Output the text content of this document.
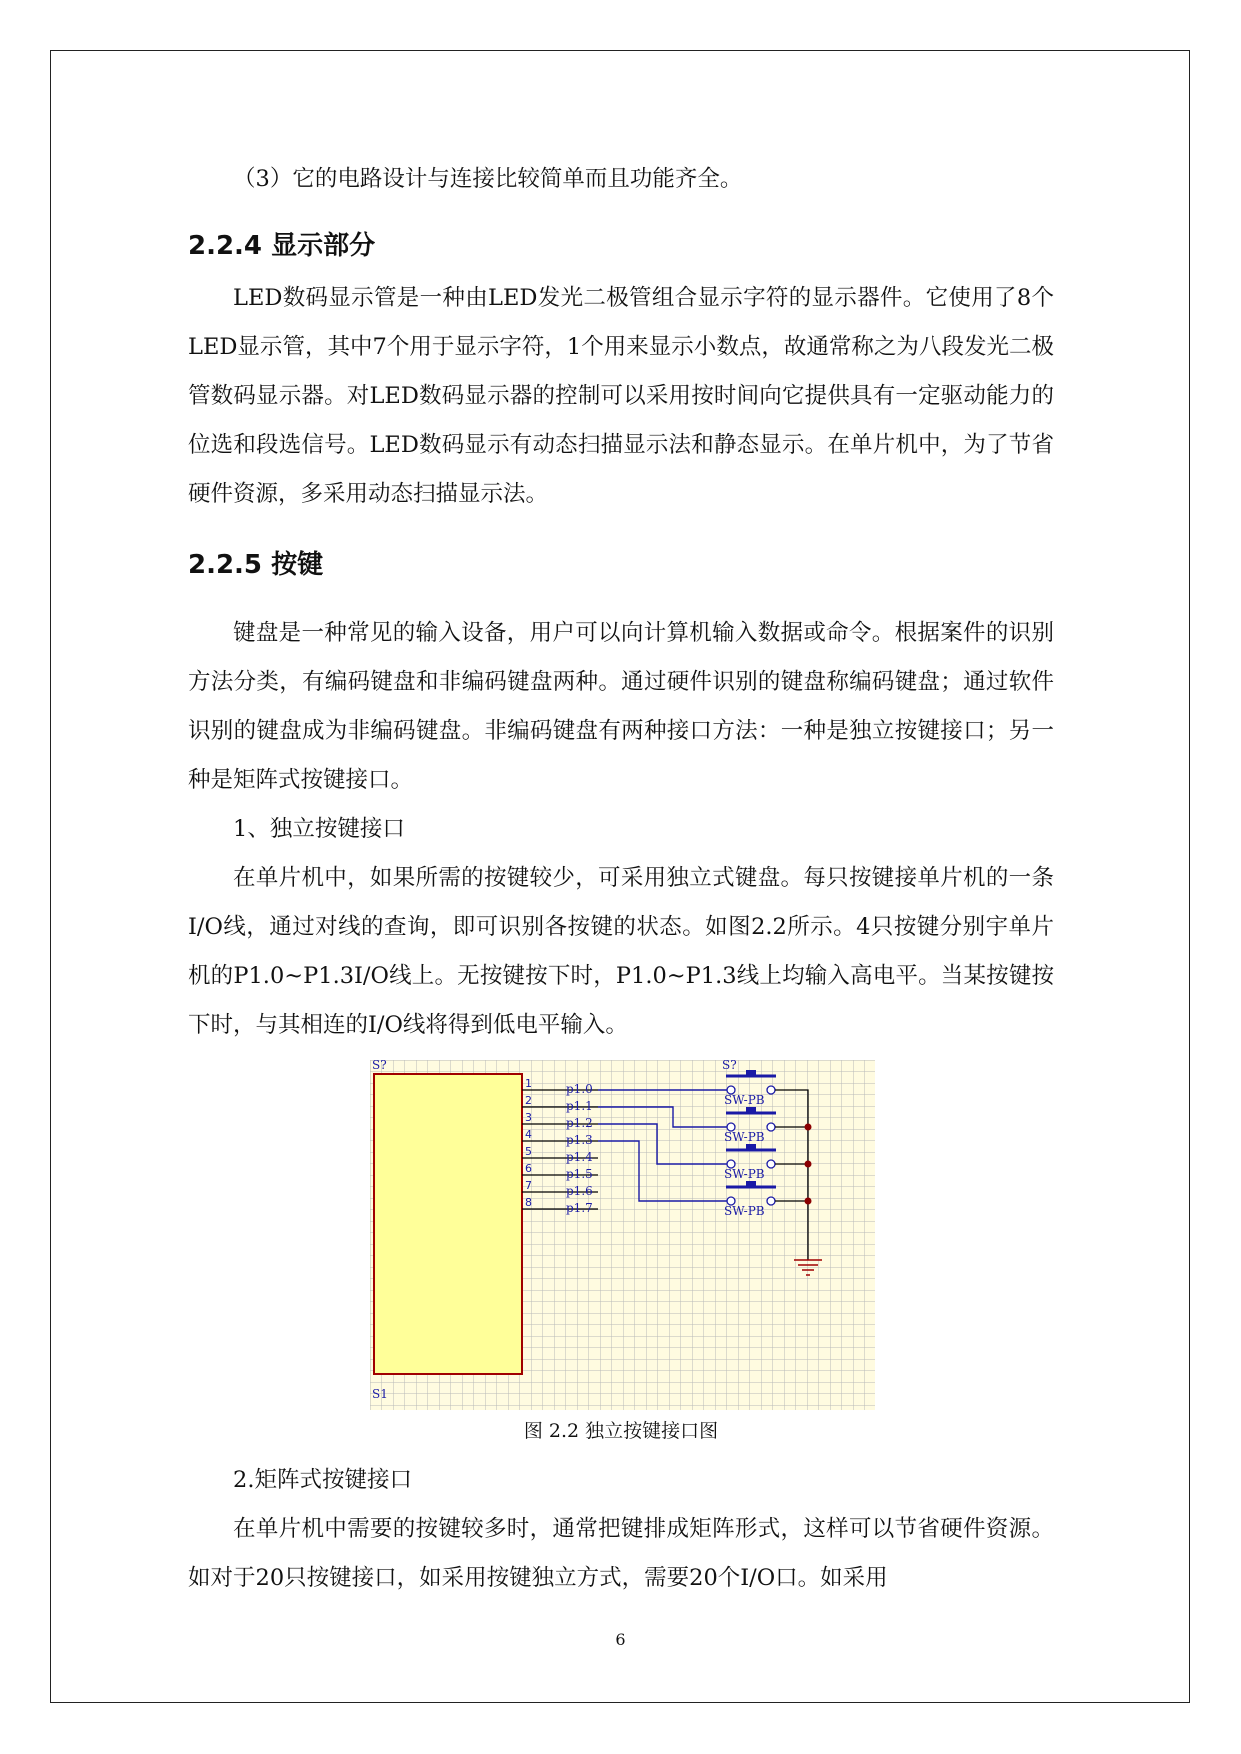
（3）它的电路设计与连接比较简单而且功能齐全。

2.2.4 显示部分

LED数码显示管是一种由LED发光二极管组合显示字符的显示器件。它使用了8个LED显示管，其中7个用于显示字符，1个用来显示小数点，故通常称之为八段发光二极管数码显示器。对LED数码显示器的控制可以采用按时间向它提供具有一定驱动能力的位选和段选信号。LED数码显示有动态扫描显示法和静态显示。在单片机中，为了节省硬件资源，多采用动态扫描显示法。

2.2.5 按键

键盘是一种常见的输入设备，用户可以向计算机输入数据或命令。根据案件的识别方法分类，有编码键盘和非编码键盘两种。通过硬件识别的键盘称编码键盘；通过软件识别的键盘成为非编码键盘。非编码键盘有两种接口方法：一种是独立按键接口；另一种是矩阵式按键接口。

1、独立按键接口

在单片机中，如果所需的按键较少，可采用独立式键盘。每只按键接单片机的一条I/O线，通过对线的查询，即可识别各按键的状态。如图2.2所示。4只按键分别宇单片机的P1.0~P1.3I/O线上。无按键按下时，P1.0~P1.3线上均输入高电平。当某按键按下时，与其相连的I/O线将得到低电平输入。

S?
S1
1
2
3
4
5
6
7
8
p1.0
p1.1
p1.2
p1.3
p1.4
p1.5
p1.6
p1.7
S?
SW-PB
SW-PB
SW-PB
SW-PB

图 2.2 独立按键接口图

2.矩阵式按键接口

在单片机中需要的按键较多时，通常把键排成矩阵形式，这样可以节省硬件资源。如对于20只按键接口，如采用按键独立方式，需要20个I/O口。如采用

6
